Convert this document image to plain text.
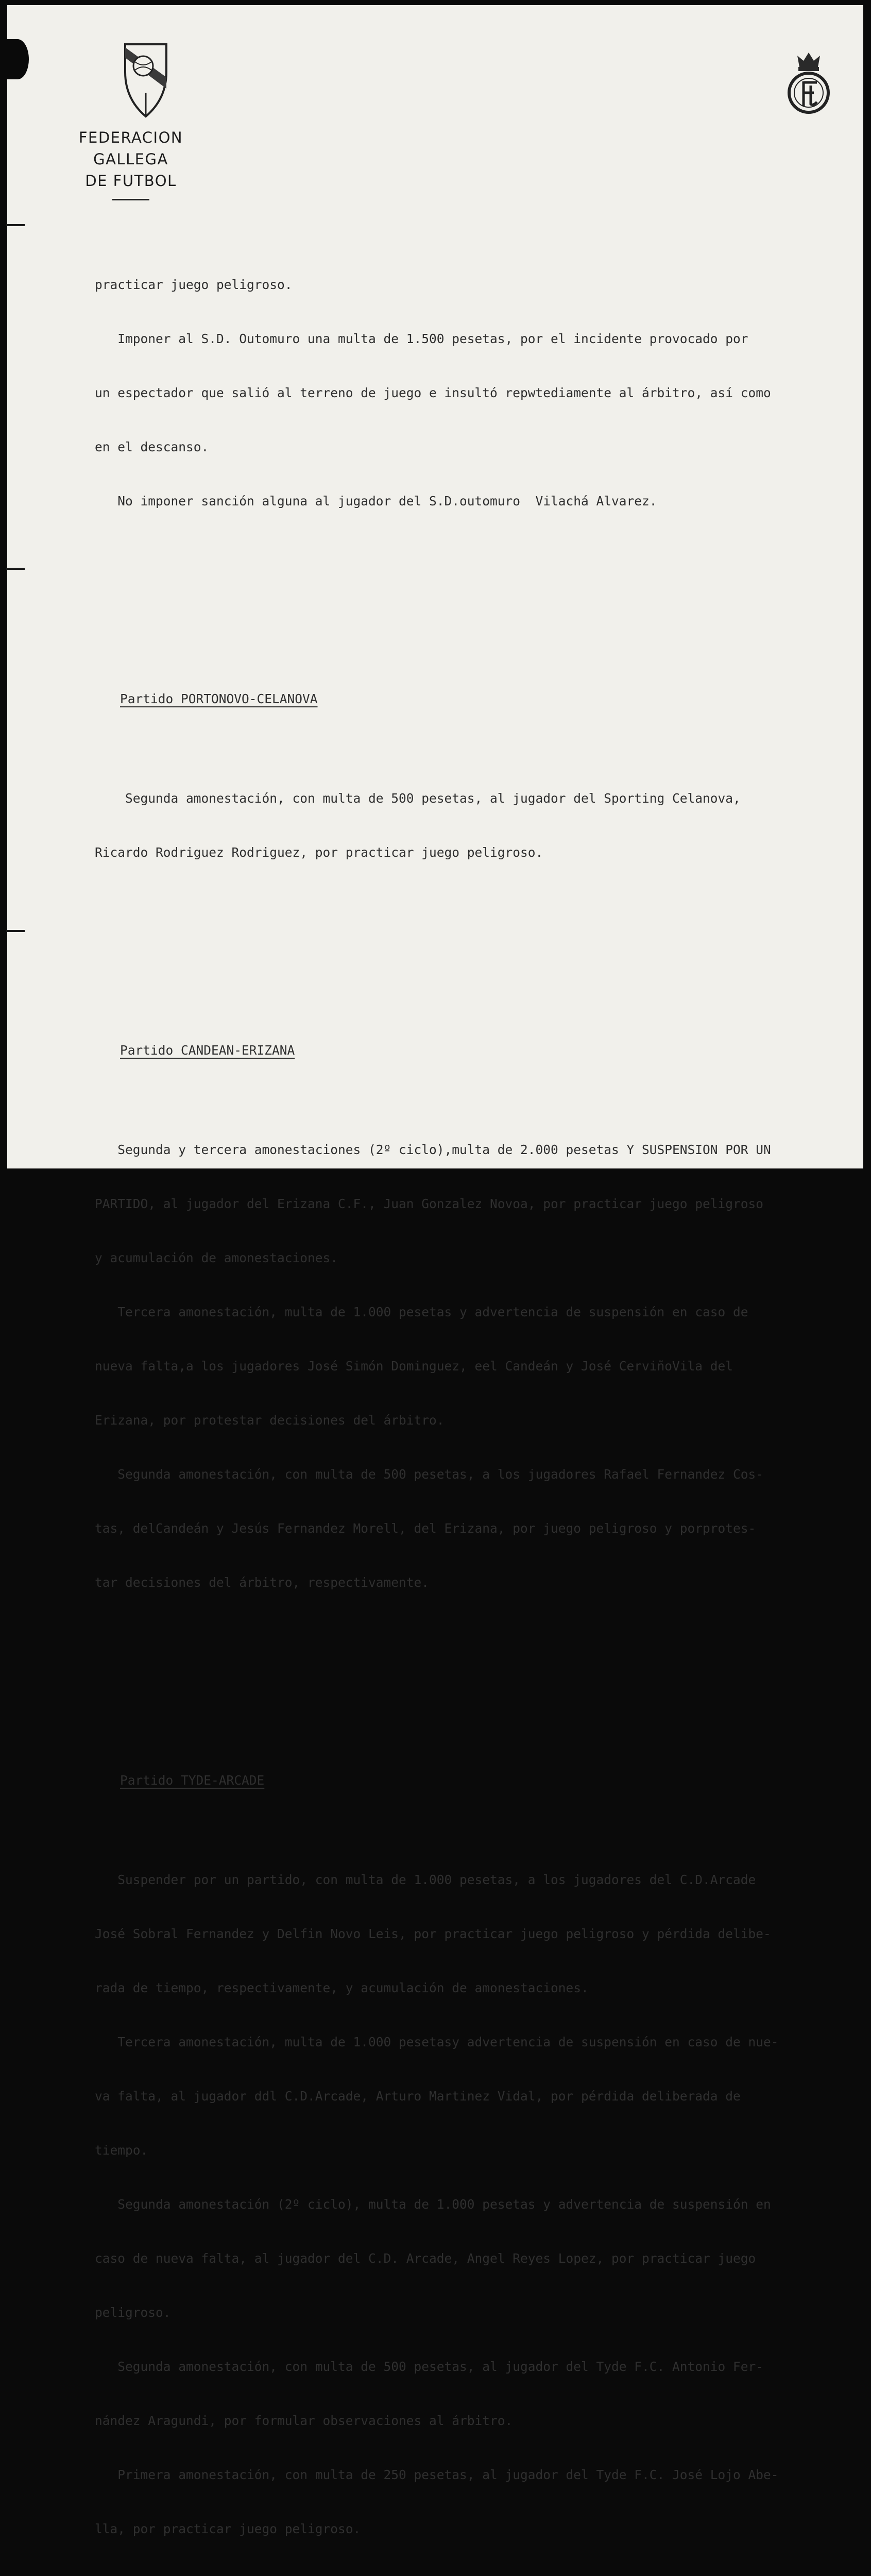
FEDERACION GALLEGA
DE FUTBOL

practicar juego peligroso.

Imponer al S.D. Outomuro una multa de 1.500 pesetas, por el incidente provocado por

un espectador que salió al terreno de juego e insultó repwtediamente al árbitro, así como

en el descanso.

No imponer sanción alguna al jugador del S.D.outomuro  Vilachá Alvarez.

Partido PORTONOVO-CELANOVA

Segunda amonestación, con multa de 500 pesetas, al jugador del Sporting Celanova,

Ricardo Rodriguez Rodriguez, por practicar juego peligroso.

Partido CANDEAN-ERIZANA

Segunda y tercera amonestaciones (2º ciclo),multa de 2.000 pesetas Y SUSPENSION POR UN

PARTIDO, al jugador del Erizana C.F., Juan Gonzalez Novoa, por practicar juego peligroso

y acumulación de amonestaciones.

Tercera amonestación, multa de 1.000 pesetas y advertencia de suspensión en caso de

nueva falta,a los jugadores José Simón Dominguez, eel Candeán y José CerviñoVila del

Erizana, por protestar decisiones del árbitro.

Segunda amonestación, con multa de 500 pesetas, a los jugadores Rafael Fernandez Cos-

tas, delCandeán y Jesús Fernandez Morell, del Erizana, por juego peligroso y porprotes-

tar decisiones del árbitro, respectivamente.

Partido TYDE-ARCADE

Suspender por un partido, con multa de 1.000 pesetas, a los jugadores del C.D.Arcade

José Sobral Fernandez y Delfin Novo Leis, por practicar juego peligroso y pérdida delibe-

rada de tiempo, respectivamente, y acumulación de amonestaciones.

Tercera amonestación, multa de 1.000 pesetasy advertencia de suspensión en caso de nue-

va falta, al jugador ddl C.D.Arcade, Arturo Martinez Vidal, por pérdida deliberada de

tiempo.

Segunda amonestación (2º ciclo), multa de 1.000 pesetas y advertencia de suspensión en

caso de nueva falta, al jugador del C.D. Arcade, Angel Reyes Lopez, por practicar juego

peligroso.

Segunda amonestación, con multa de 500 pesetas, al jugador del Tyde F.C. Antonio Fer-

nández Aragundi, por formular observaciones al árbitro.

Primera amonestación, con multa de 250 pesetas, al jugador del Tyde F.C. José Lojo Abe-

lla, por practicar juego peligroso.
